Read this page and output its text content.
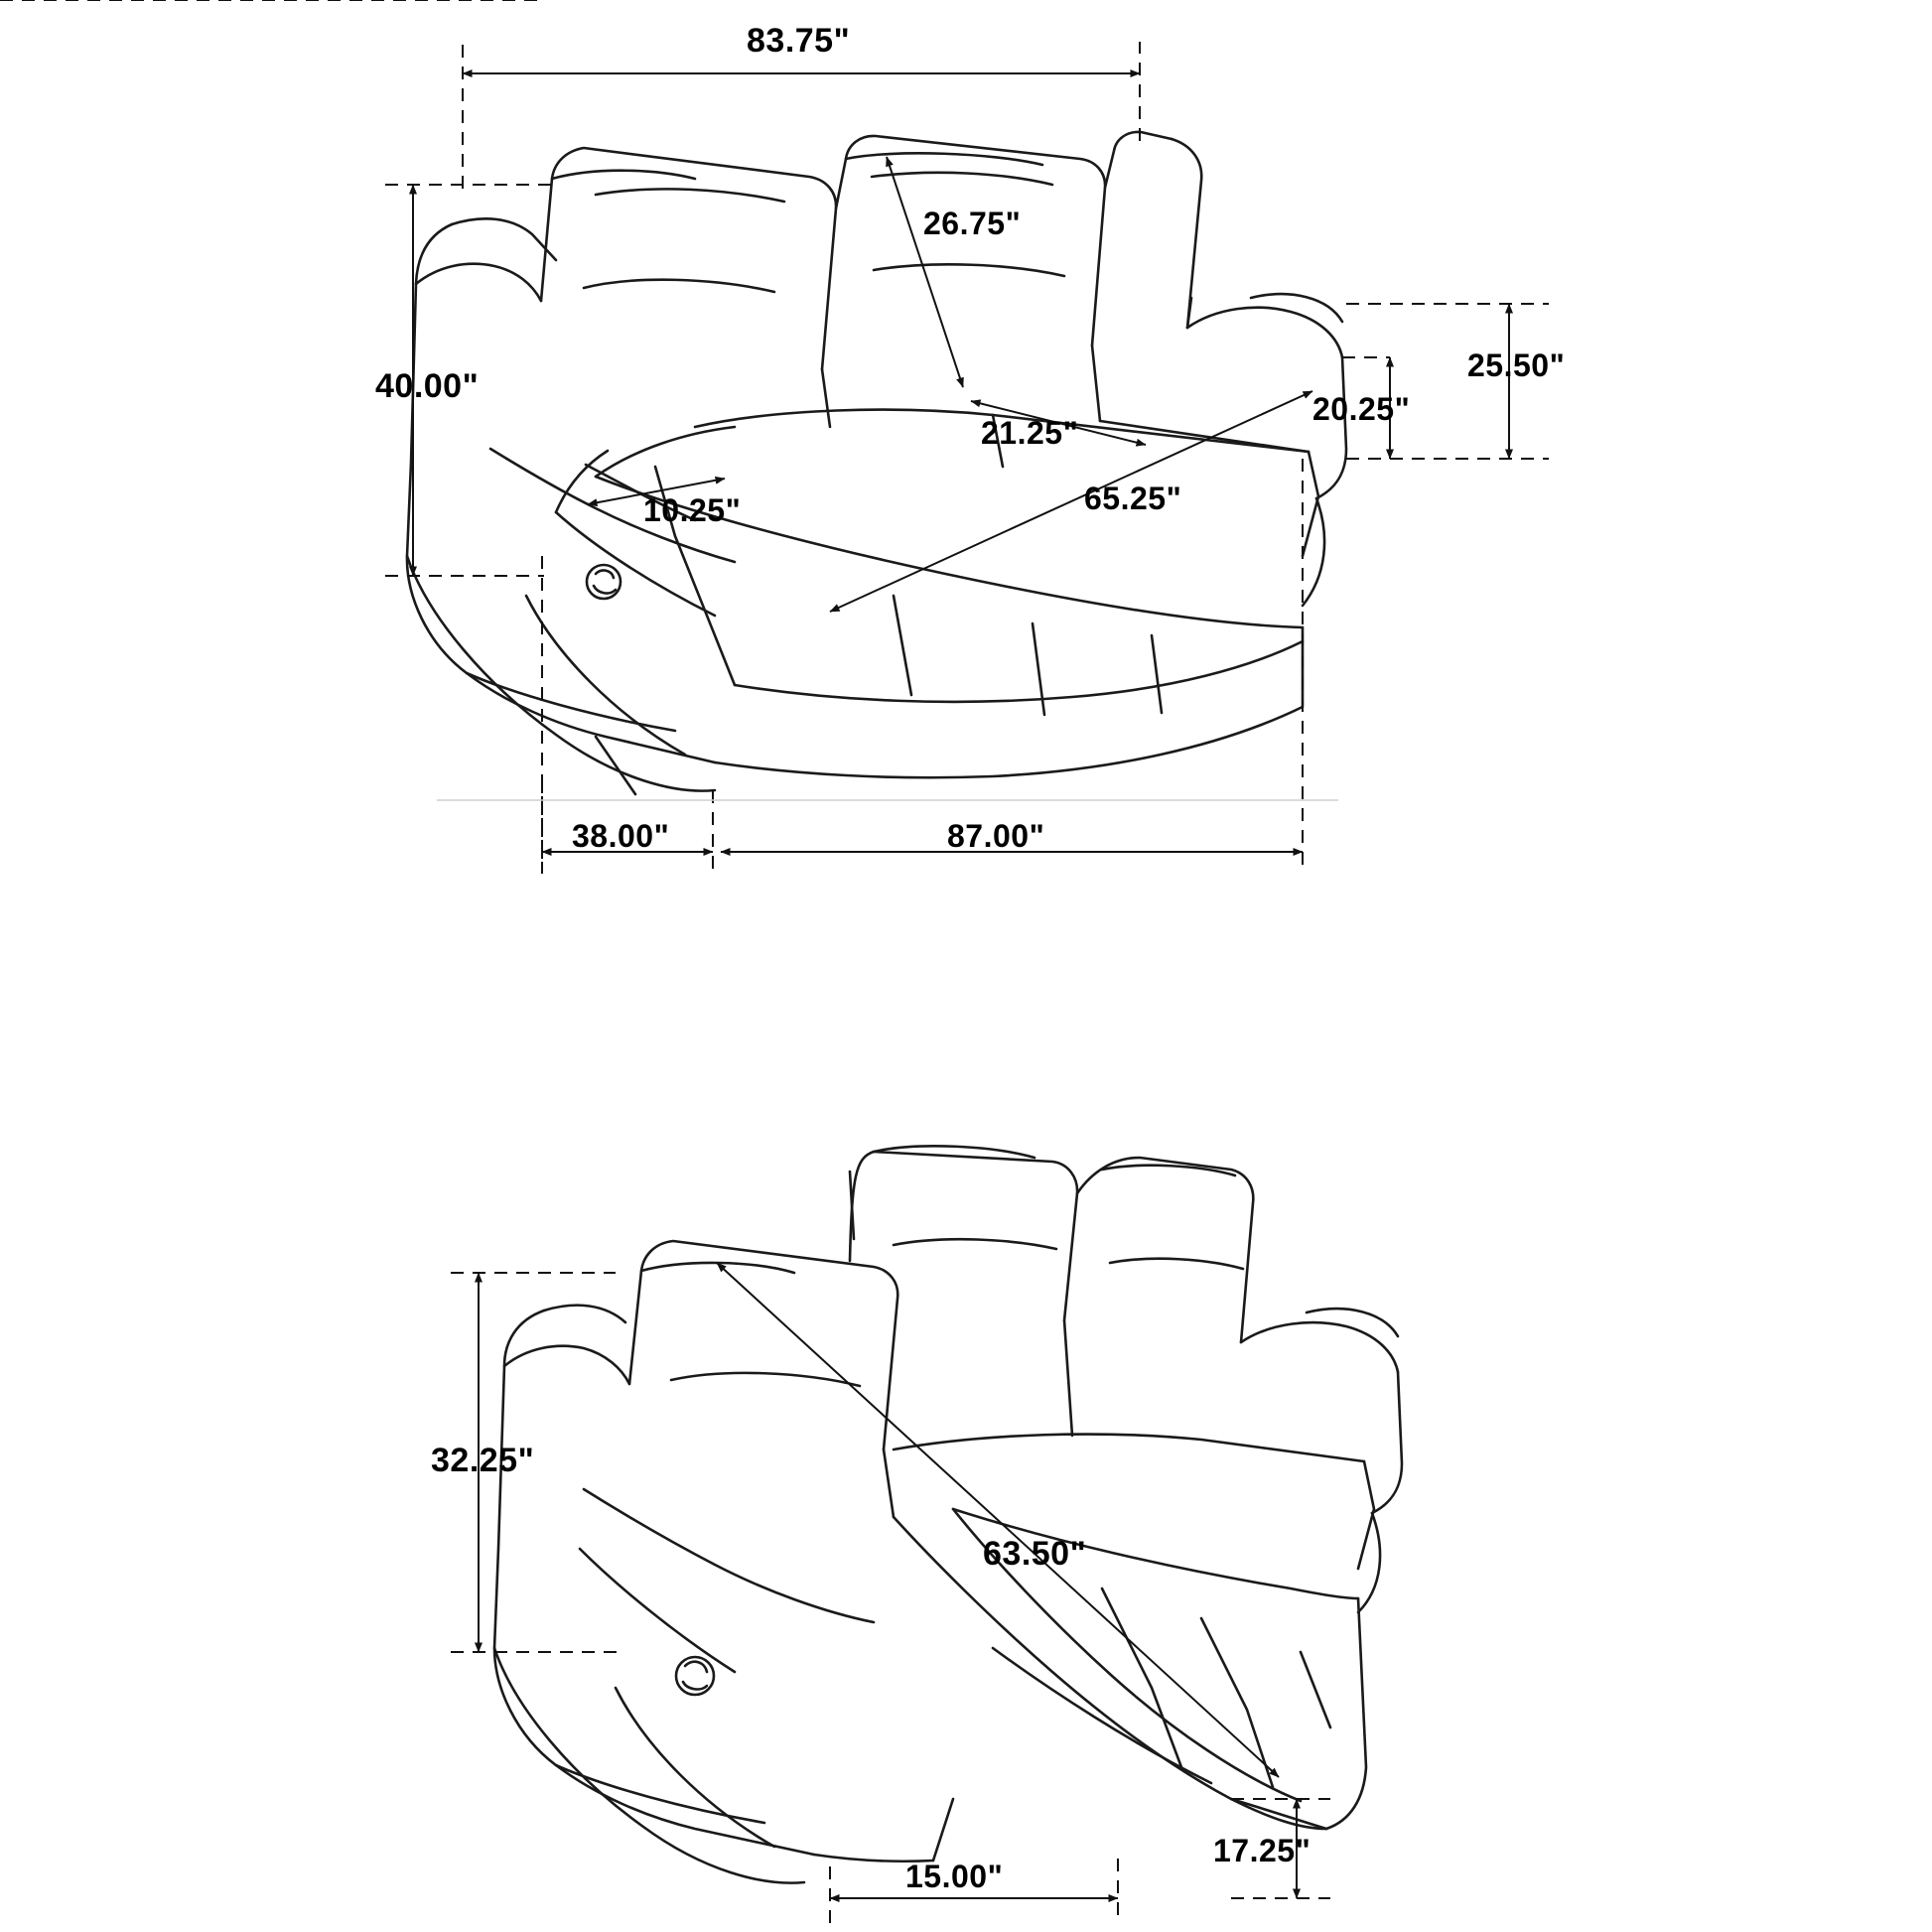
83.75"
40.00"
26.75"
21.25"
10.25"	65.25"
25.50"
20.25"
38.00"	87.00"
32.25"
63.50"
17.25"
15.00"
